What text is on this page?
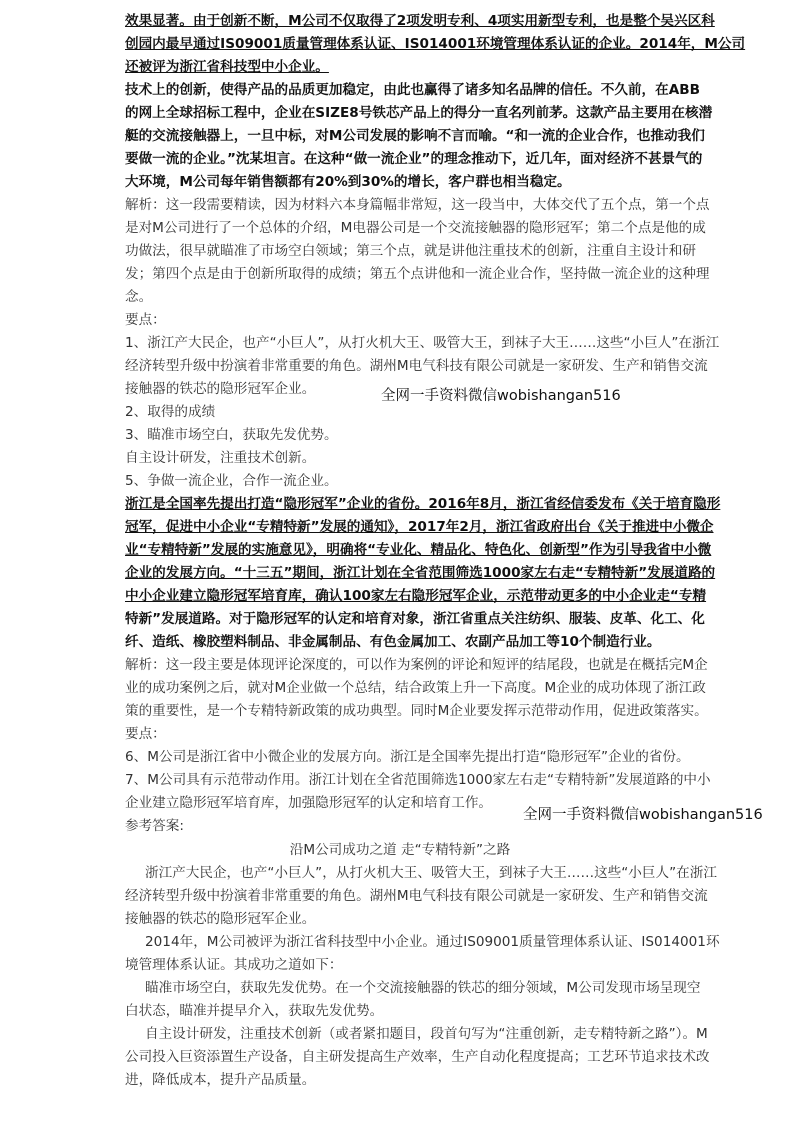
效果显著。由于创新不断，M公司不仅取得了2项发明专利、4项实用新型专利，也是整个吴兴区科
创园内最早通过IS09001质量管理体系认证、IS014001环境管理体系认证的企业。2014年，M公司
还被评为浙江省科技型中小企业。
技术上的创新，使得产品的品质更加稳定，由此也赢得了诸多知名品牌的信任。不久前，在ABB
的网上全球招标工程中，企业在SIZE8号铁芯产品上的得分一直名列前茅。这款产品主要用在核潜
艇的交流接触器上，一旦中标，对M公司发展的影响不言而喻。“和一流的企业合作，也推动我们
要做一流的企业。”沈某坦言。在这种“做一流企业”的理念推动下，近几年，面对经济不甚景气的
大环境，M公司每年销售额都有20%到30%的增长，客户群也相当稳定。
解析：这一段需要精读，因为材料六本身篇幅非常短，这一段当中，大体交代了五个点，第一个点
是对M公司进行了一个总体的介绍，M电器公司是一个交流接触器的隐形冠军；第二个点是他的成
功做法，很早就瞄准了市场空白领域；第三个点，就是讲他注重技术的创新，注重自主设计和研
发；第四个点是由于创新所取得的成绩；第五个点讲他和一流企业合作，坚持做一流企业的这种理
念。
要点：
1、浙江产大民企，也产“小巨人”，从打火机大王、吸管大王，到袜子大王……这些“小巨人”在浙江
经济转型升级中扮演着非常重要的角色。湖州M电气科技有限公司就是一家研发、生产和销售交流
接触器的铁芯的隐形冠军企业。
2、取得的成绩
3、瞄准市场空白，获取先发优势。
自主设计研发，注重技术创新。
5、争做一流企业，合作一流企业。
浙江是全国率先提出打造“隐形冠军”企业的省份。2016年8月，浙江省经信委发布《关于培育隐形
冠军，促进中小企业“专精特新”发展的通知》，2017年2月，浙江省政府出台《关于推进中小微企
业“专精特新”发展的实施意见》，明确将“专业化、精品化、特色化、创新型”作为引导我省中小微
企业的发展方向。“十三五”期间，浙江计划在全省范围筛选1000家左右走“专精特新”发展道路的
中小企业建立隐形冠军培育库，确认100家左右隐形冠军企业，示范带动更多的中小企业走“专精
特新”发展道路。对于隐形冠军的认定和培育对象，浙江省重点关注纺织、服装、皮革、化工、化
纤、造纸、橡胶塑料制品、非金属制品、有色金属加工、农副产品加工等10个制造行业。
解析：这一段主要是体现评论深度的，可以作为案例的评论和短评的结尾段，也就是在概括完M企
业的成功案例之后，就对M企业做一个总结，结合政策上升一下高度。M企业的成功体现了浙江政
策的重要性，是一个专精特新政策的成功典型。同时M企业要发挥示范带动作用，促进政策落实。
要点：
6、M公司是浙江省中小微企业的发展方向。浙江是全国率先提出打造“隐形冠军”企业的省份。
7、M公司具有示范带动作用。浙江计划在全省范围筛选1000家左右走“专精特新”发展道路的中小
企业建立隐形冠军培育库，加强隐形冠军的认定和培育工作。
参考答案:
沿M公司成功之道 走“专精特新”之路
浙江产大民企，也产“小巨人”，从打火机大王、吸管大王，到袜子大王……这些“小巨人”在浙江
经济转型升级中扮演着非常重要的角色。湖州M电气科技有限公司就是一家研发、生产和销售交流
接触器的铁芯的隐形冠军企业。
2014年，M公司被评为浙江省科技型中小企业。通过IS09001质量管理体系认证、IS014001环
境管理体系认证。其成功之道如下：
瞄准市场空白，获取先发优势。在一个交流接触器的铁芯的细分领域，M公司发现市场呈现空
白状态，瞄准并提早介入，获取先发优势。
自主设计研发，注重技术创新（或者紧扣题目，段首句写为“注重创新，走专精特新之路”）。M
公司投入巨资添置生产设备，自主研发提高生产效率，生产自动化程度提高；工艺环节追求技术改
进，降低成本，提升产品质量。
全网一手资料微信wobishangan516
全网一手资料微信wobishangan516
